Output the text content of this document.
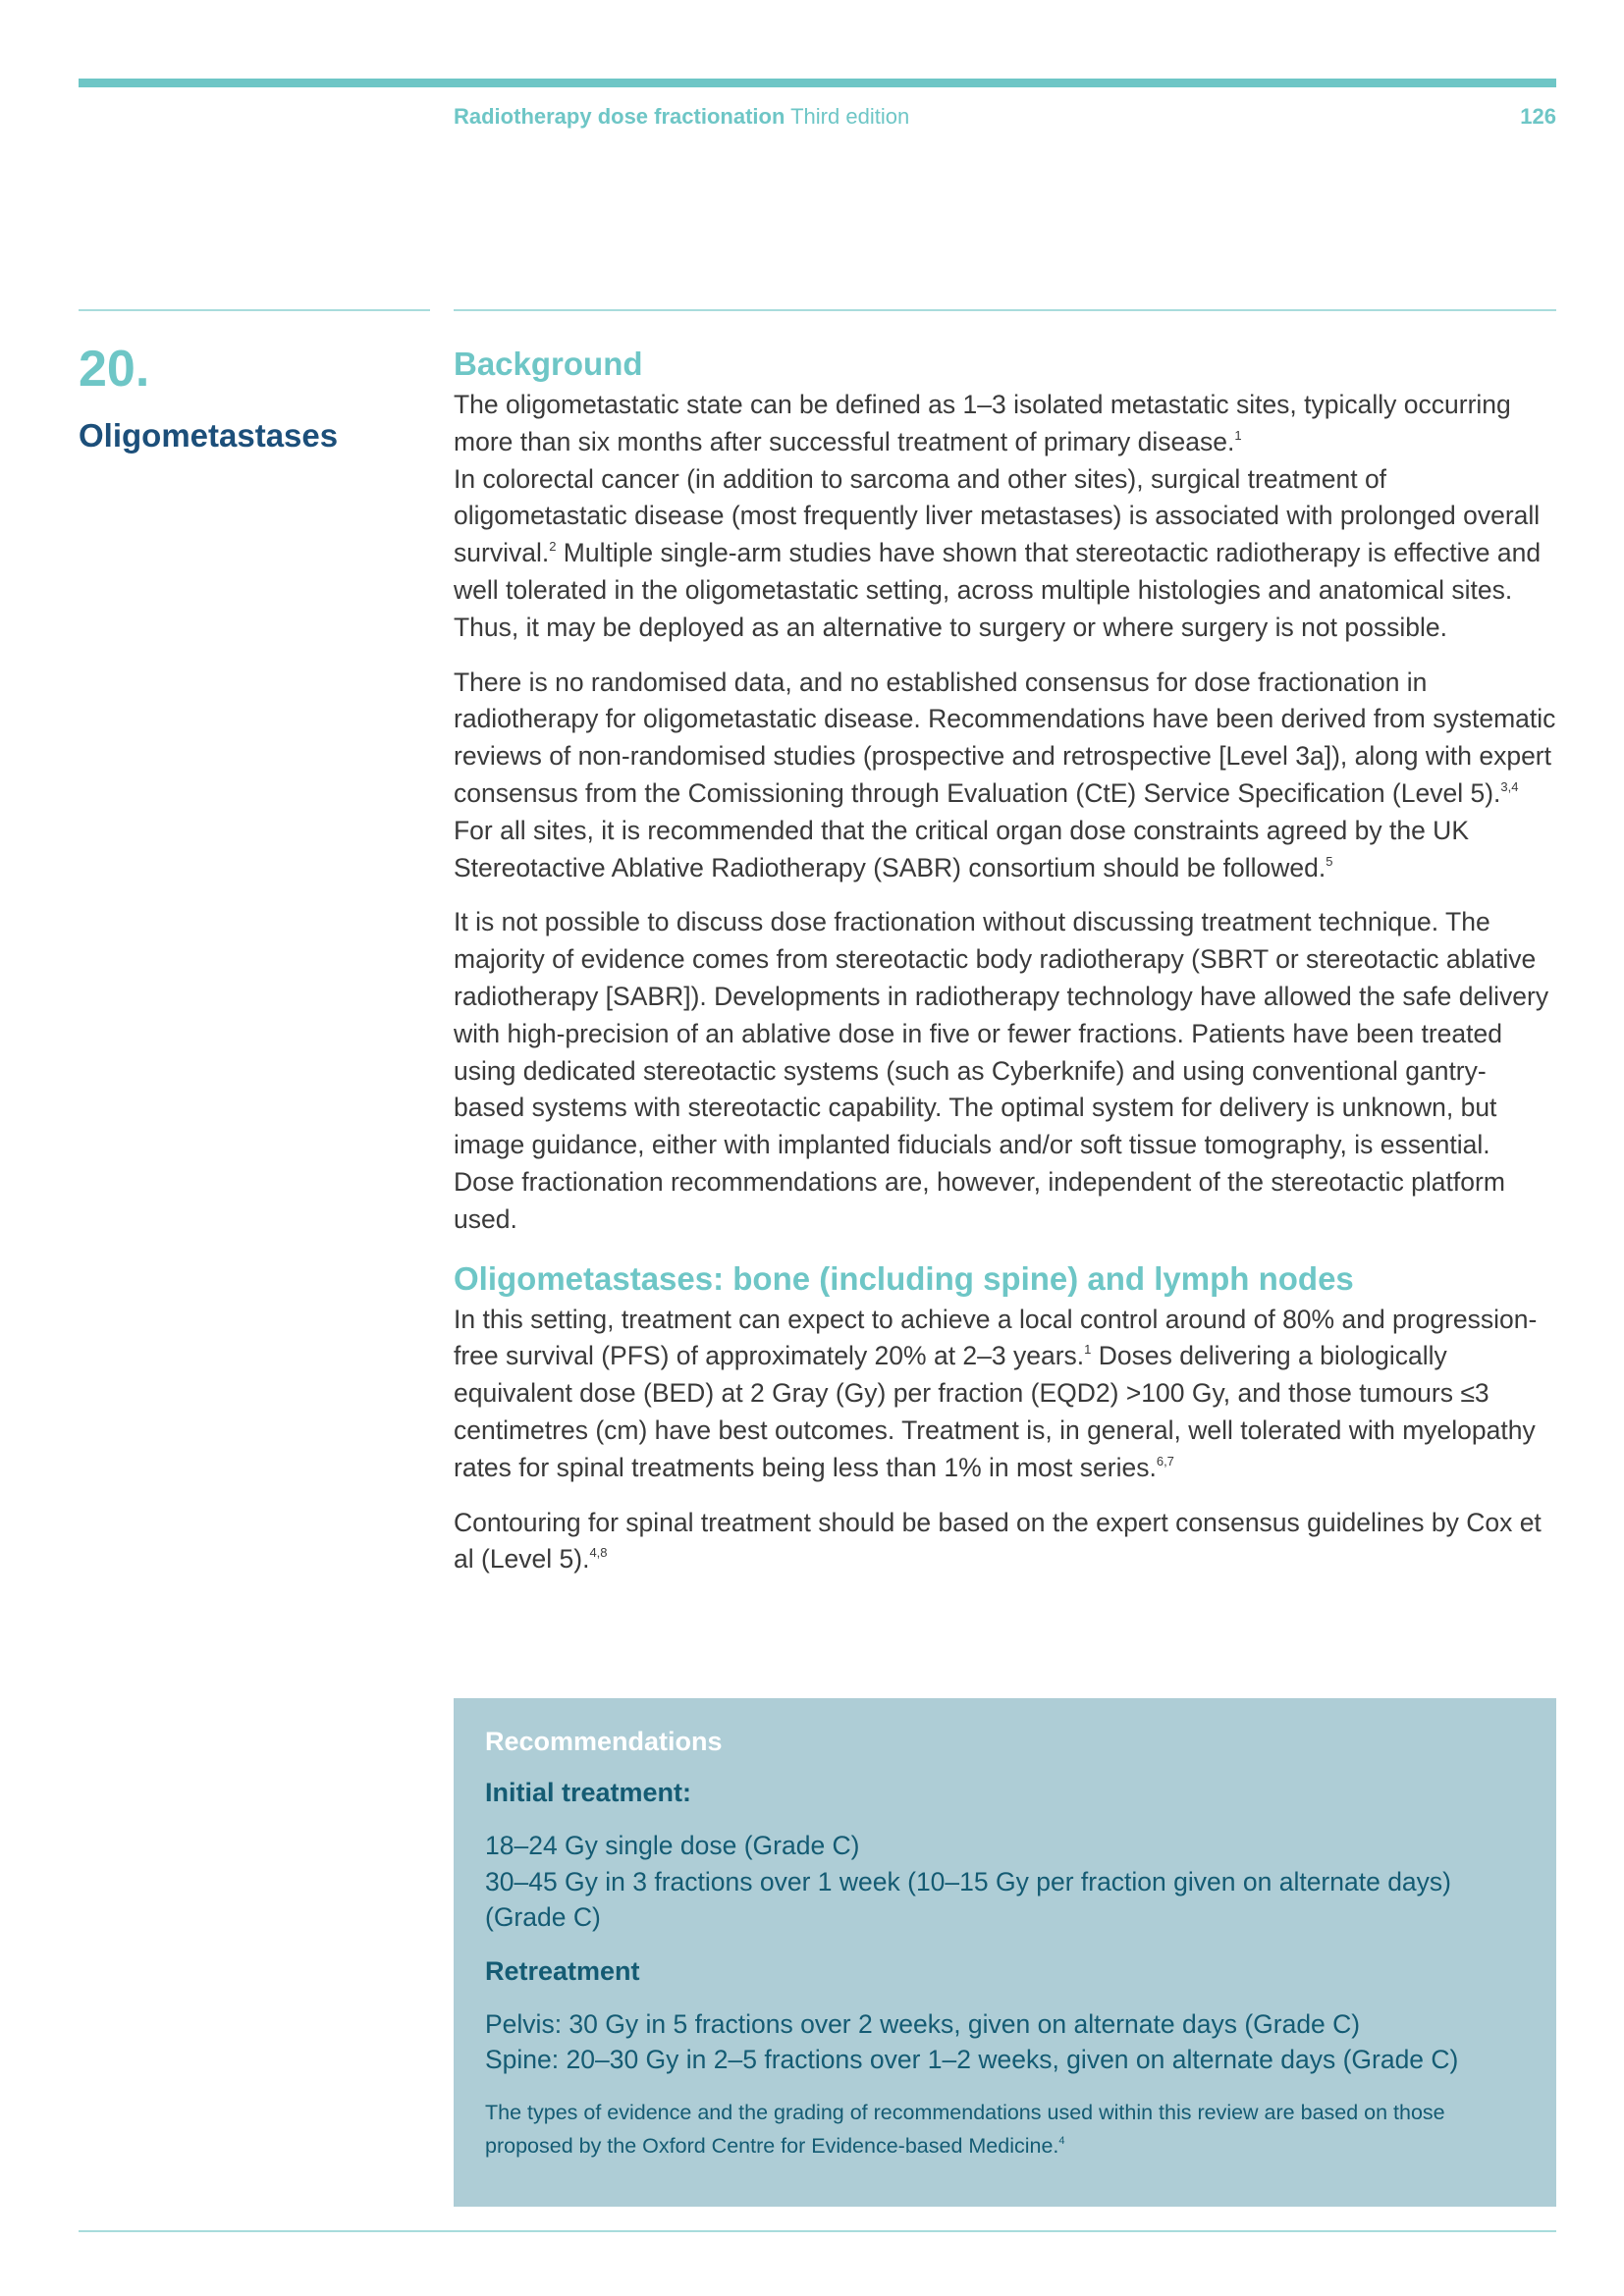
Radiotherapy dose fractionation Third edition	126
20.
Oligometastases
Background

The oligometastatic state can be defined as 1–3 isolated metastatic sites, typically occurring more than six months after successful treatment of primary disease.$^1$
In colorectal cancer (in addition to sarcoma and other sites), surgical treatment of oligometastatic disease (most frequently liver metastases) is associated with prolonged overall survival.$^2$ Multiple single-arm studies have shown that stereotactic radiotherapy is effective and well tolerated in the oligometastatic setting, across multiple histologies and anatomical sites. Thus, it may be deployed as an alternative to surgery or where surgery is not possible.

There is no randomised data, and no established consensus for dose fractionation in radiotherapy for oligometastatic disease. Recommendations have been derived from systematic reviews of non-randomised studies (prospective and retrospective [Level 3a]), along with expert consensus from the Comissioning through Evaluation (CtE) Service Specification (Level 5).$^{3,4}$ For all sites, it is recommended that the critical organ dose constraints agreed by the UK Stereotactive Ablative Radiotherapy (SABR) consortium should be followed.$^5$

It is not possible to discuss dose fractionation without discussing treatment technique. The majority of evidence comes from stereotactic body radiotherapy (SBRT or stereotactic ablative radiotherapy [SABR]). Developments in radiotherapy technology have allowed the safe delivery with high-precision of an ablative dose in five or fewer fractions. Patients have been treated using dedicated stereotactic systems (such as Cyberknife) and using conventional gantry-based systems with stereotactic capability. The optimal system for delivery is unknown, but image guidance, either with implanted fiducials and/or soft tissue tomography, is essential. Dose fractionation recommendations are, however, independent of the stereotactic platform used.

Oligometastases: bone (including spine) and lymph nodes

In this setting, treatment can expect to achieve a local control around of 80% and progression-free survival (PFS) of approximately 20% at 2–3 years.$^1$ Doses delivering a biologically equivalent dose (BED) at 2 Gray (Gy) per fraction (EQD2) >100 Gy, and those tumours ≤3 centimetres (cm) have best outcomes. Treatment is, in general, well tolerated with myelopathy rates for spinal treatments being less than 1% in most series.$^{6,7}$

Contouring for spinal treatment should be based on the expert consensus guidelines by Cox et al (Level 5).$^{4,8}$

Recommendations
Initial treatment:
18–24 Gy single dose (Grade C)
30–45 Gy in 3 fractions over 1 week (10–15 Gy per fraction given on alternate days) (Grade C)
Retreatment
Pelvis: 30 Gy in 5 fractions over 2 weeks, given on alternate days (Grade C)
Spine: 20–30 Gy in 2–5 fractions over 1–2 weeks, given on alternate days (Grade C)
The types of evidence and the grading of recommendations used within this review are based on those proposed by the Oxford Centre for Evidence-based Medicine.$^4$
